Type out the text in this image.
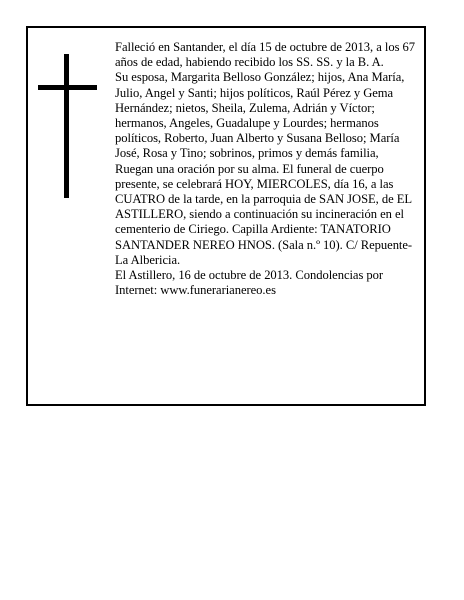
Falleció en Santander, el día 15 de octubre de 2013, a los 67 años de edad, habiendo recibido los SS. SS. y la B. A.

Su esposa, Margarita Belloso González; hijos, Ana María, Julio, Angel y Santi; hijos políticos, Raúl Pérez y Gema Hernández; nietos, Sheila, Zulema, Adrián y Víctor; hermanos, Angeles, Guadalupe y Lourdes; hermanos políticos, Roberto, Juan Alberto y Susana Belloso; María José, Rosa y Tino; sobrinos, primos y demás familia,

Ruegan una oración por su alma. El funeral de cuerpo presente, se celebrará HOY, MIERCOLES, día 16, a las CUATRO de la tarde, en la parroquia de SAN JOSE, de EL ASTILLERO, siendo a continuación su incineración en el cementerio de Ciriego. Capilla Ardiente: TANATORIO SANTANDER NEREO HNOS. (Sala n.º 10). C/ Repuente-La Albericia.

El Astillero, 16 de octubre de 2013. Condolencias por Internet: www.funerarianereo.es
